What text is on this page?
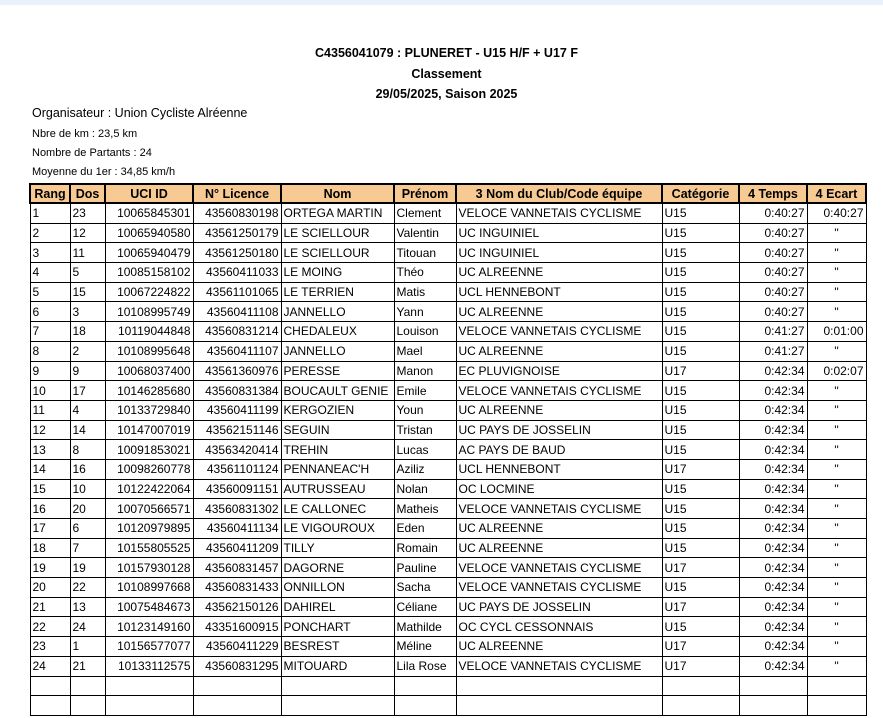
C4356041079 : PLUNERET - U15 H/F + U17 F
Classement
29/05/2025, Saison 2025
Organisateur : Union Cycliste Alréenne
Nbre de km : 23,5 km
Nombre de Partants : 24
Moyenne du 1er : 34,85 km/h
Rang	Dos	UCI ID	N° Licence	Nom	Prénom	3 Nom du Club/Code équipe	Catégorie	4 Temps	4 Ecart
1	23	10065845301	43560830198	ORTEGA MARTIN	Clement	VELOCE VANNETAIS CYCLISME	U15	0:40:27	0:40:27
2	12	10065940580	43561250179	LE SCIELLOUR	Valentin	UC INGUINIEL	U15	0:40:27	''
3	11	10065940479	43561250180	LE SCIELLOUR	Titouan	UC INGUINIEL	U15	0:40:27	''
4	5	10085158102	43560411033	LE MOING	Théo	UC ALREENNE	U15	0:40:27	''
5	15	10067224822	43561101065	LE TERRIEN	Matis	UCL HENNEBONT	U15	0:40:27	''
6	3	10108995749	43560411108	JANNELLO	Yann	UC ALREENNE	U15	0:40:27	''
7	18	10119044848	43560831214	CHEDALEUX	Louison	VELOCE VANNETAIS CYCLISME	U15	0:41:27	0:01:00
8	2	10108995648	43560411107	JANNELLO	Mael	UC ALREENNE	U15	0:41:27	''
9	9	10068037400	43561360976	PERESSE	Manon	EC PLUVIGNOISE	U17	0:42:34	0:02:07
10	17	10146285680	43560831384	BOUCAULT GENIE	Emile	VELOCE VANNETAIS CYCLISME	U15	0:42:34	''
11	4	10133729840	43560411199	KERGOZIEN	Youn	UC ALREENNE	U15	0:42:34	''
12	14	10147007019	43562151146	SEGUIN	Tristan	UC PAYS DE JOSSELIN	U15	0:42:34	''
13	8	10091853021	43563420414	TREHIN	Lucas	AC PAYS DE BAUD	U15	0:42:34	''
14	16	10098260778	43561101124	PENNANEAC'H	Aziliz	UCL HENNEBONT	U17	0:42:34	''
15	10	10122422064	43560091151	AUTRUSSEAU	Nolan	OC LOCMINE	U15	0:42:34	''
16	20	10070566571	43560831302	LE CALLONEC	Matheis	VELOCE VANNETAIS CYCLISME	U15	0:42:34	''
17	6	10120979895	43560411134	LE VIGOUROUX	Eden	UC ALREENNE	U15	0:42:34	''
18	7	10155805525	43560411209	TILLY	Romain	UC ALREENNE	U15	0:42:34	''
19	19	10157930128	43560831457	DAGORNE	Pauline	VELOCE VANNETAIS CYCLISME	U17	0:42:34	''
20	22	10108997668	43560831433	ONNILLON	Sacha	VELOCE VANNETAIS CYCLISME	U15	0:42:34	''
21	13	10075484673	43562150126	DAHIREL	Céliane	UC PAYS DE JOSSELIN	U17	0:42:34	''
22	24	10123149160	43351600915	PONCHART	Mathilde	OC CYCL CESSONNAIS	U15	0:42:34	''
23	1	10156577077	43560411229	BESREST	Méline	UC ALREENNE	U17	0:42:34	''
24	21	10133112575	43560831295	MITOUARD	Lila Rose	VELOCE VANNETAIS CYCLISME	U17	0:42:34	''
